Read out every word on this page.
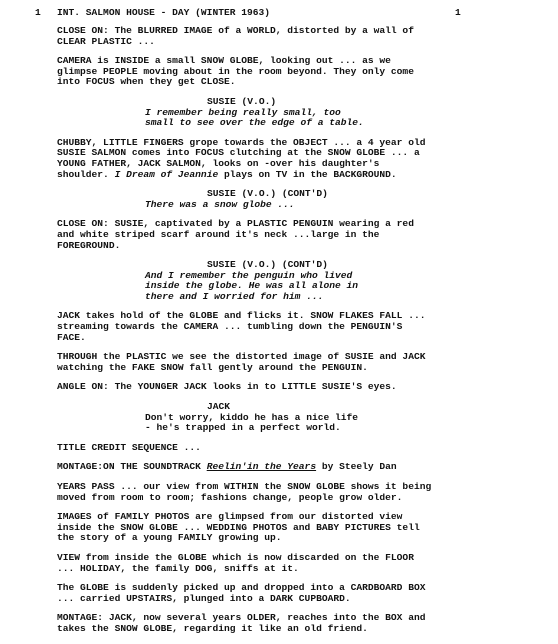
1 INT. SALMON HOUSE - DAY (WINTER 1963)	1
CLOSE ON: The BLURRED IMAGE of a WORLD, distorted by a wall of
CLEAR PLASTIC ...
CAMERA is INSIDE a small SNOW GLOBE, looking out ... as we
glimpse PEOPLE moving about in the room beyond. They only come
into FOCUS when they get CLOSE.
SUSIE (V.O.)
I remember being really small, too
small to see over the edge of a table.
CHUBBY, LITTLE FINGERS grope towards the OBJECT ... a 4 year old
SUSIE SALMON comes into FOCUS clutching at the SNOW GLOBE ... a
YOUNG FATHER, JACK SALMON, looks on -over his daughter's
shoulder. I Dream of Jeannie plays on TV in the BACKGROUND.
SUSIE (V.O.) (CONT'D)
There was a snow globe ...
CLOSE ON: SUSIE, captivated by a PLASTIC PENGUIN wearing a red
and white striped scarf around it's neck ...large in the
FOREGROUND.
SUSIE (V.O.) (CONT'D)
And I remember the penguin who lived
inside the globe. He was all alone in
there and I worried for him ...
JACK takes hold of the GLOBE and flicks it. SNOW FLAKES FALL ...
streaming towards the CAMERA ... tumbling down the PENGUIN'S
FACE.
THROUGH the PLASTIC we see the distorted image of SUSIE and JACK
watching the FAKE SNOW fall gently around the PENGUIN.
ANGLE ON: The YOUNGER JACK looks in to LITTLE SUSIE'S eyes.
JACK
Don't worry, kiddo he has a nice life
- he's trapped in a perfect world.
TITLE CREDIT SEQUENCE ...
MONTAGE:ON THE SOUNDTRACK Reelin'in the Years by Steely Dan
YEARS PASS ... our view from WITHIN the SNOW GLOBE shows it being
moved from room to room; fashions change, people grow older.
IMAGES of FAMILY PHOTOS are glimpsed from our distorted view
inside the SNOW GLOBE ... WEDDING PHOTOS and BABY PICTURES tell
the story of a young FAMILY growing up.
VIEW from inside the GLOBE which is now discarded on the FLOOR
... HOLIDAY, the family DOG, sniffs at it.
The GLOBE is suddenly picked up and dropped into a CARDBOARD BOX
... carried UPSTAIRS, plunged into a DARK CUPBOARD.
MONTAGE: JACK, now several years OLDER, reaches into the BOX and
takes the SNOW GLOBE, regarding it like an old friend.
